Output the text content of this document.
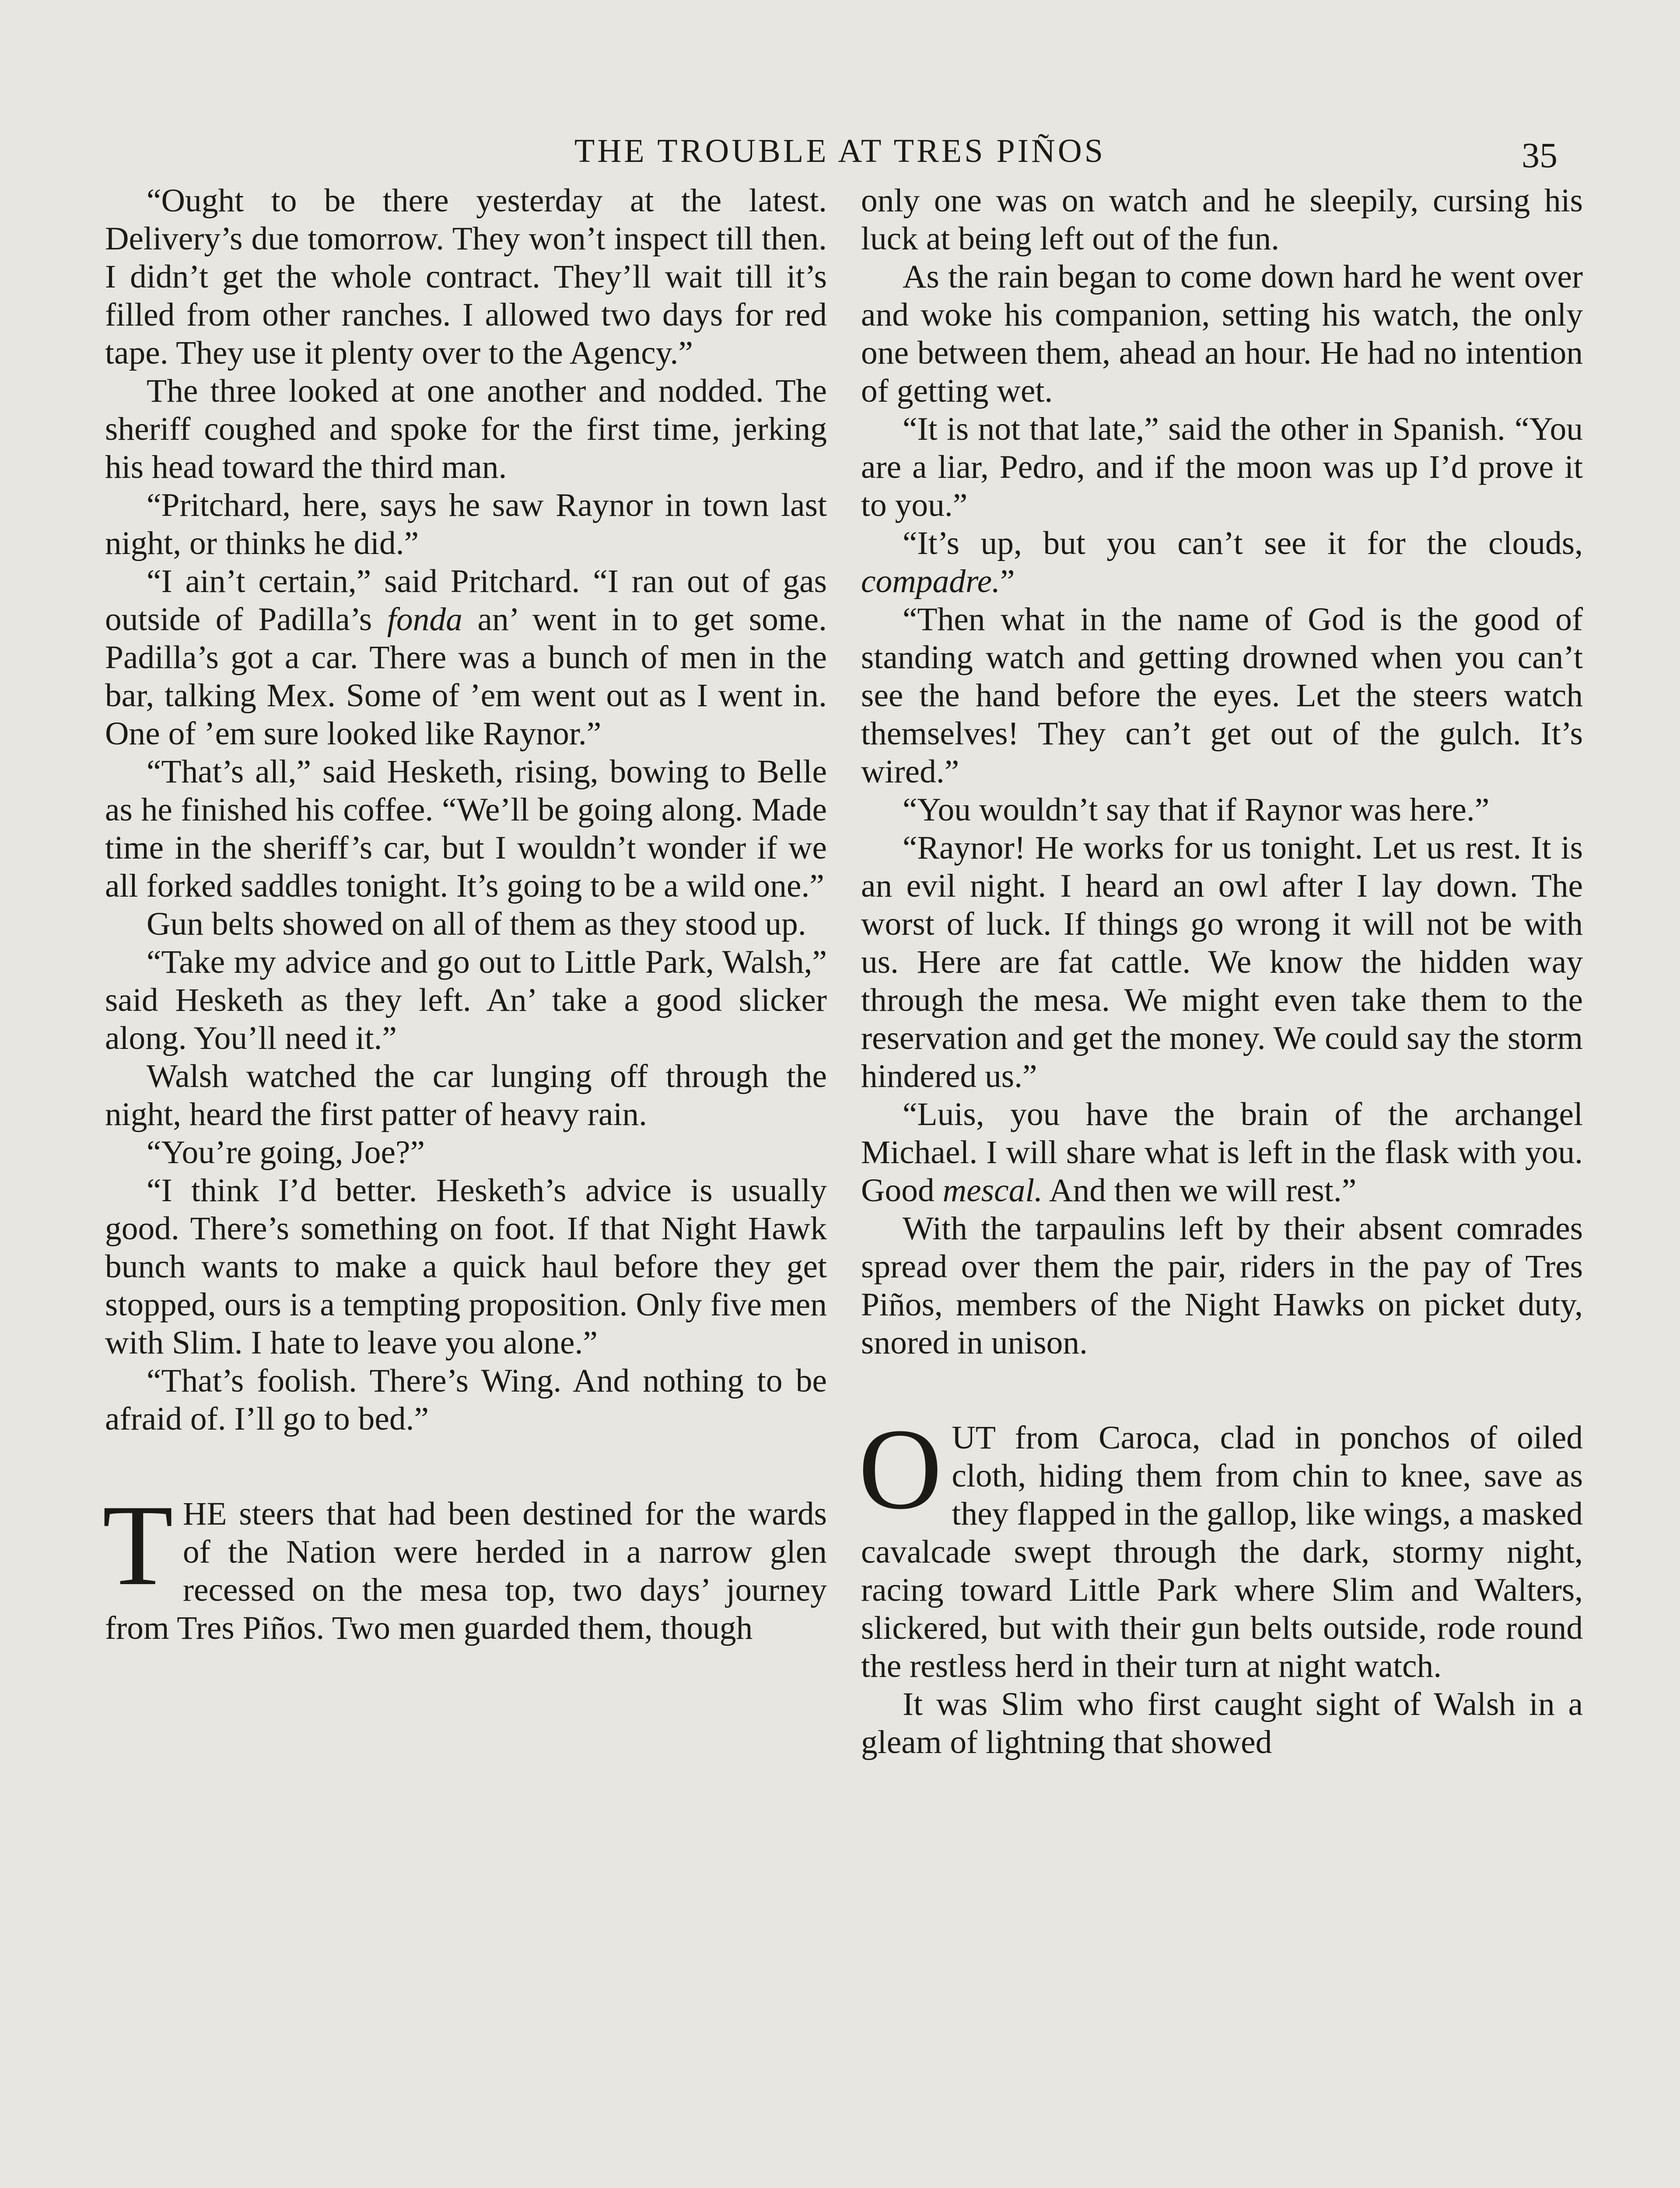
THE TROUBLE AT TRES PIÑOS	35

“Ought to be there yesterday at the latest. Delivery’s due tomorrow. They won’t inspect till then. I didn’t get the whole contract. They’ll wait till it’s filled from other ranches. I allowed two days for red tape. They use it plenty over to the Agency.”

The three looked at one another and nodded. The sheriff coughed and spoke for the first time, jerking his head toward the third man.

“Pritchard, here, says he saw Raynor in town last night, or thinks he did.”

“I ain’t certain,” said Pritchard. “I ran out of gas outside of Padilla’s fonda an’ went in to get some. Padilla’s got a car. There was a bunch of men in the bar, talking Mex. Some of ’em went out as I went in. One of ’em sure looked like Raynor.”

“That’s all,” said Hesketh, rising, bowing to Belle as he finished his coffee. “We’ll be going along. Made time in the sheriff’s car, but I wouldn’t wonder if we all forked saddles tonight. It’s going to be a wild one.”

Gun belts showed on all of them as they stood up.

“Take my advice and go out to Little Park, Walsh,” said Hesketh as they left. An’ take a good slicker along. You’ll need it.”

Walsh watched the car lunging off through the night, heard the first patter of heavy rain.

“You’re going, Joe?”

“I think I’d better. Hesketh’s advice is usually good. There’s something on foot. If that Night Hawk bunch wants to make a quick haul before they get stopped, ours is a tempting proposition. Only five men with Slim. I hate to leave you alone.”

“That’s foolish. There’s Wing. And nothing to be afraid of. I’ll go to bed.”

THE steers that had been destined for the wards of the Nation were herded in a narrow glen recessed on the mesa top, two days’ journey from Tres Piños. Two men guarded them, though

only one was on watch and he sleepily, cursing his luck at being left out of the fun.

As the rain began to come down hard he went over and woke his companion, setting his watch, the only one between them, ahead an hour. He had no intention of getting wet.

“It is not that late,” said the other in Spanish. “You are a liar, Pedro, and if the moon was up I’d prove it to you.”

“It’s up, but you can’t see it for the clouds, compadre.”

“Then what in the name of God is the good of standing watch and getting drowned when you can’t see the hand before the eyes. Let the steers watch themselves! They can’t get out of the gulch. It’s wired.”

“You wouldn’t say that if Raynor was here.”

“Raynor! He works for us tonight. Let us rest. It is an evil night. I heard an owl after I lay down. The worst of luck. If things go wrong it will not be with us. Here are fat cattle. We know the hidden way through the mesa. We might even take them to the reservation and get the money. We could say the storm hindered us.”

“Luis, you have the brain of the archangel Michael. I will share what is left in the flask with you. Good mescal. And then we will rest.”

With the tarpaulins left by their absent comrades spread over them the pair, riders in the pay of Tres Piños, members of the Night Hawks on picket duty, snored in unison.

OUT from Caroca, clad in ponchos of oiled cloth, hiding them from chin to knee, save as they flapped in the gallop, like wings, a masked cavalcade swept through the dark, stormy night, racing toward Little Park where Slim and Walters, slickered, but with their gun belts outside, rode round the restless herd in their turn at night watch.

It was Slim who first caught sight of Walsh in a gleam of lightning that showed
